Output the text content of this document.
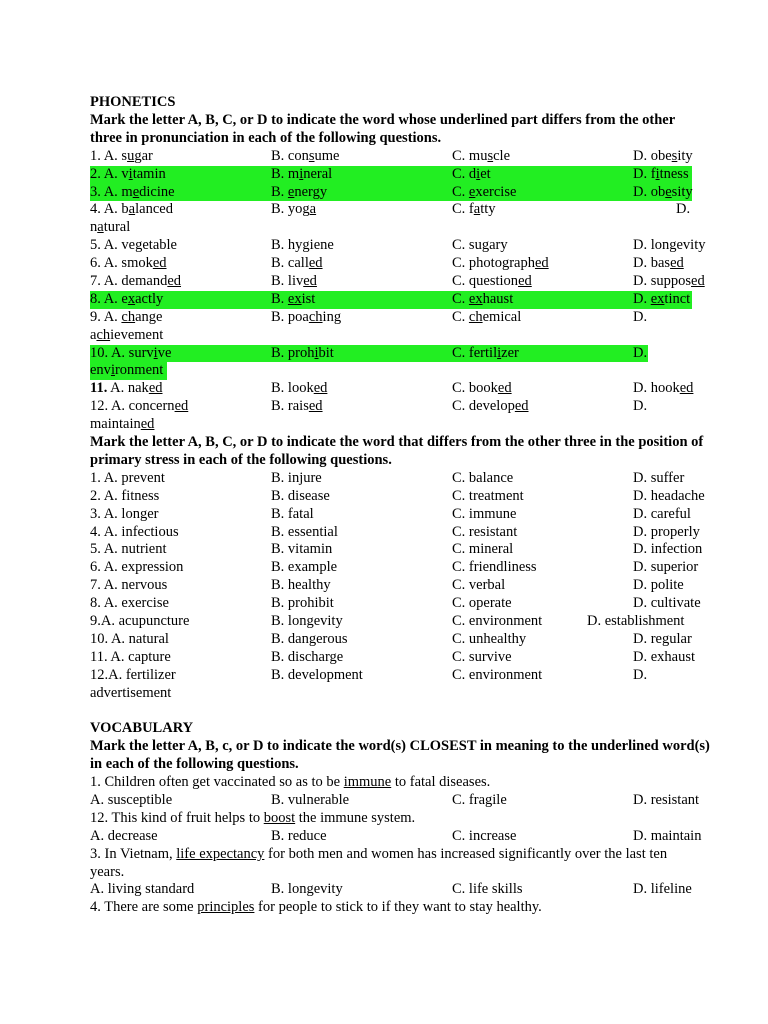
PHONETICS
Mark the letter A, B, C, or D to indicate the word whose underlined part differs from the other three in pronunciation in each of the following questions.
1. A. sugar	B. consume	C. muscle	D. obesity
2. A. vitamin	B. mineral	C. diet	D. fitness
3. A. medicine	B. energy	C. exercise	D. obesity
4. A. balanced	B. yoga	C. fatty	D.
natural
5. A. vegetable	B. hygiene	C. sugary	D. longevity
6. A. smoked	B. called	C. photographed	D. based
7. A. demanded	B. lived	C. questioned	D. supposed
8. A. exactly	B. exist	C. exhaust	D. extinct
9. A. change	B. poaching	C. chemical	D.
achievement
10. A. survive	B. prohibit	C. fertilizer	D.
environment
11. A. naked	B. looked	C. booked	D. hooked
12. A. concerned	B. raised	C. developed	D.
maintained
Mark the letter A, B, C, or D to indicate the word that differs from the other three in the position of primary stress in each of the following questions.
1. A. prevent	B. injure	C. balance	D. suffer
2. A. fitness	B. disease	C. treatment	D. headache
3. A. longer	B. fatal	C. immune	D. careful
4. A. infectious	B. essential	C. resistant	D. properly
5. A. nutrient	B. vitamin	C. mineral	D. infection
6. A. expression	B. example	C. friendliness	D. superior
7. A. nervous	B. healthy	C. verbal	D. polite
8. A. exercise	B. prohibit	C. operate	D. cultivate
9.A. acupuncture	B. longevity	C. environment	D. establishment
10. A. natural	B. dangerous	C. unhealthy	D. regular
11. A. capture	B. discharge	C. survive	D. exhaust
12.A. fertilizer	B. development	C. environment	D.
advertisement
VOCABULARY
Mark the letter A, B, c, or D to indicate the word(s) CLOSEST in meaning to the underlined word(s) in each of the following questions.
1. Children often get vaccinated so as to be immune to fatal diseases.
A. susceptible	B. vulnerable	C. fragile	D. resistant
12. This kind of fruit helps to boost the immune system.
A. decrease	B. reduce	C. increase	D. maintain
3. In Vietnam, life expectancy for both men and women has increased significantly over the last ten
years.
A. living standard	B. longevity	C. life skills	D. lifeline
4. There are some principles for people to stick to if they want to stay healthy.
